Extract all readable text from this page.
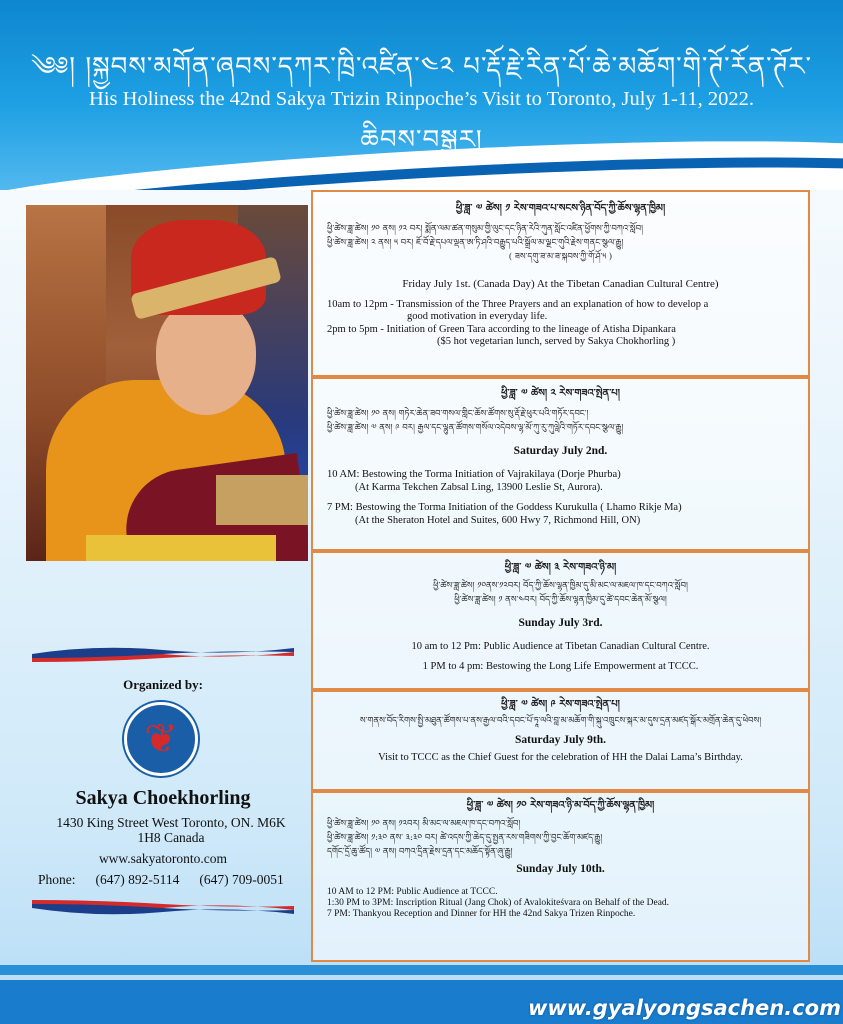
༄༅། །སྐྱབས་མགོན་ཞབས་དཀར་ཁྲི་འཛིན་༤༢ པ་རྡོ་རྗེ་རིན་པོ་ཆེ་མཆོག་གི་ཊོ་རོན་ཊོར་ཆིབས་བསྒྱུར།
His Holiness the 42nd Sakya Trizin Rinpoche’s Visit to Toronto, July 1-11, 2022.
Organized by:
❦
Sakya Choekhorling
1430 King Street West Toronto, ON. M6K
1H8 Canada
www.sakyatoronto.com
Phone: (647) 892-5114 (647) 709-0051
ཕྱི་ཟླ་ ༧ ཚེས། ༡ རེས་གཟའ་པ་སངས་ཉིན་བོད་ཀྱི་ཆོས་ལྷན་ཁྱིམ།
ཕྱི་ཚེས་ཟླ་ཚེས། ༡༠ ནས། ༡༢ བར། སྨོན་ལམ་ཚན་གསུམ་གྱི་ལུང་དང་ཉིན་རེའི་ཀུན་སློང་འཛིན་ཕྱོགས་ཀྱི་བཀའ་སློབ།
ཕྱི་ཚེས་ཟླ་ཚེས། ༢ ནས། ༥ བར། ཇོ་བོ་རྗེ་དཔལ་ལྡན་ཨ་ཏི་ཤའི་བརྒྱུད་པའི་སྒྲོལ་མ་ལྗང་གུའི་རྗེས་གནང་སྩལ་རྒྱུ།
( ཟས་དགུ་ཟ་མ་ཟ་སྐབས་ཀྱི་གོ་ཤོ་༥ )
Friday July 1st. (Canada Day) At the Tibetan Canadian Cultural Centre)
10am to 12pm - Transmission of the Three Prayers and an explanation of how to develop a
good motivation in everyday life.
2pm to 5pm - Initiation of Green Tara according to the lineage of Atisha Dipankara
($5 hot vegetarian lunch, served by Sakya Chokhorling )
ཕྱི་ཟླ་ ༧ ཚེས། ༢ རེས་གཟའ་སྤེན་པ།
ཕྱི་ཚེས་ཟླ་ཚེས། ༡༠ ནས། གཏེར་ཆེན་ཟབ་གསལ་གླིང་ཆོས་ཚོགས་སུ་རྡོ་རྗེ་ཕུར་པའི་གཏོར་དབང་།
ཕྱི་ཚེས་ཟླ་ཚེས། ༧ ནས། ༩ བར། རྒྱལ་དང་ལྷུན་ཚོགས་གསོལ་འདེབས་ལྷ་མོ་ཀུ་རུ་ཀུལླེའི་གཏོར་དབང་སྩལ་རྒྱུ།
Saturday July 2nd.
10 AM: Bestowing the Torma Initiation of Vajrakilaya (Dorje Phurba)
(At Karma Tekchen Zabsal Ling, 13900 Leslie St, Aurora).
7 PM: Bestowing the Torma Initiation of the Goddess Kurukulla ( Lhamo Rikje Ma)
(At the Sheraton Hotel and Suites, 600 Hwy 7, Richmond Hill, ON)
ཕྱི་ཟླ་ ༧ ཚེས། ༣ རེས་གཟའ་ཉི་མ།
ཕྱི་ཚེས་ཟླ་ཚེས། ༡༠ནས་༡༢བར། བོད་ཀྱི་ཆོས་ལྷན་ཁྱིམ་དུ་མི་མང་ལ་མཇལ་ཁ་དང་བཀའ་སློབ།
ཕྱི་ཚེས་ཟླ་ཚེས། ༡ ནས་༤བར། བོད་ཀྱི་ཆོས་ལྷན་ཁྱིམ་དུ་ཚེ་དབང་ཆེན་མོ་སྩལ།
Sunday July 3rd.
10 am to 12 Pm: Public Audience at Tibetan Canadian Cultural Centre.
1 PM to 4 pm: Bestowing the Long Life Empowerment at TCCC.
ཕྱི་ཟླ་ ༧ ཚེས། ༩ རེས་གཟའ་སྤེན་པ།
ས་གནས་བོད་རིགས་སྤྱི་མཐུན་ཚོགས་པ་ནས་རྒྱལ་བའི་དབང་པོ་ཏཱ་ལའི་བླ་མ་མཆོག་གི་སྐུ་འཁྲུངས་སྐར་མ་དུས་དྲན་མཛད་སྒོར་མགྲོན་ཆེན་དུ་ཕེབས།
Saturday July 9th.
Visit to TCCC as the Chief Guest for the celebration of HH the Dalai Lama’s Birthday.
ཕྱི་ཟླ་ ༧ ཚེས། ༡༠ རེས་གཟའ་ཉི་མ་བོད་ཀྱི་ཆོས་ལྷན་ཁྱིམ།
ཕྱི་ཚེས་ཟླ་ཚེས། ༡༠ ནས། ༡༢བར། མི་མང་ལ་མཇལ་ཁ་དང་བཀའ་སློབ།
ཕྱི་ཚེས་ཟླ་ཚེས། ༡:༣༠ ནས་ ༣:༣༠ བར། ཚེ་འདས་ཀྱི་ཆེད་དུ་སྤྱན་རས་གཟིགས་ཀྱི་བྱང་ཆོག་མཛད་རྒྱུ།
དགོང་དྲོ་ཆུ་ཚོད། ༧ ནས། བཀའ་དྲིན་རྗེས་དྲན་དང་མཆོད་སྟོན་ཞུ་རྒྱུ།
Sunday July 10th.
10 AM to 12 PM: Public Audience at TCCC.
1:30 PM to 3PM: Inscription Ritual (Jang Chok) of Avalokiteśvara on Behalf of the Dead.
7 PM: Thankyou Reception and Dinner for HH the 42nd Sakya Trizen Rinpoche.
www.gyalyongsachen.com
